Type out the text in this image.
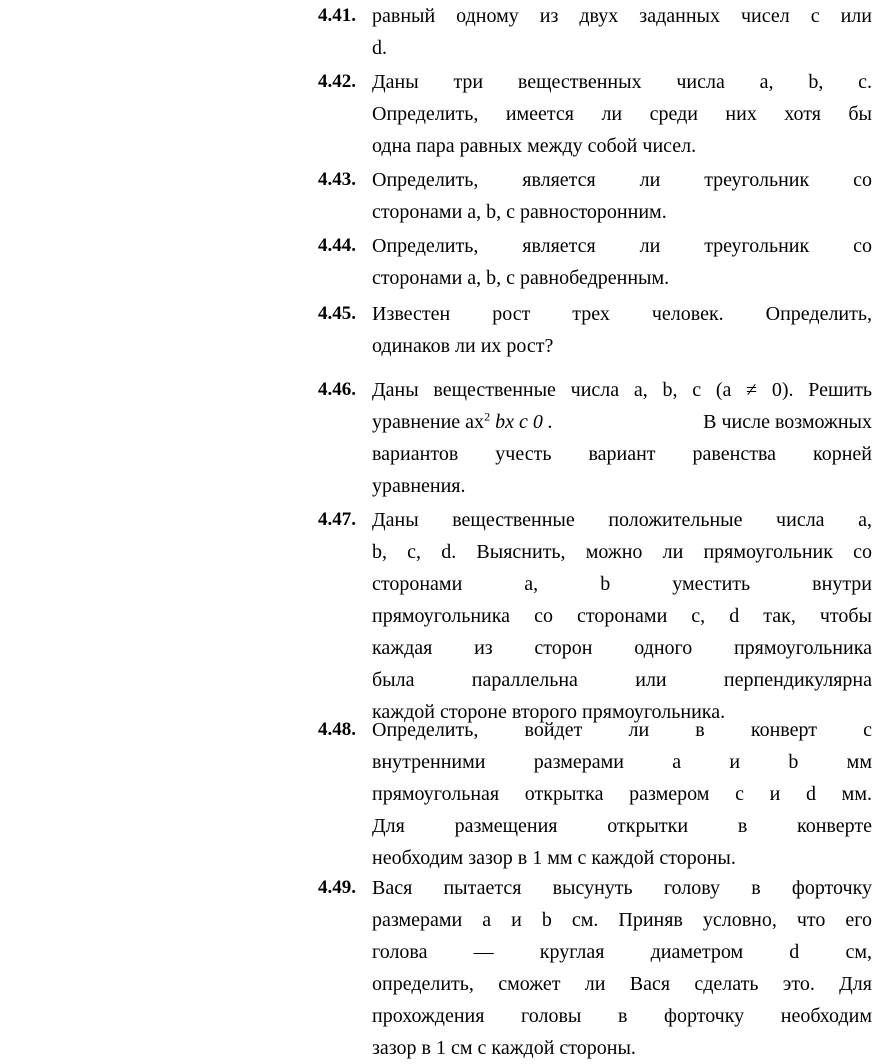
4.41. равный одному из двух заданных чисел c или
d.
4.42. Даны три вещественных числа a, b, c.
Определить, имеется ли среди них хотя бы
одна пара равных между собой чисел.
4.43. Определить, является ли треугольник со
сторонами a, b, c равносторонним.
4.44. Определить, является ли треугольник со
сторонами a, b, c равнобедренным.
4.45. Известен рост трех человек. Определить,
одинаков ли их рост?
4.46. Даны вещественные числа a, b, c (a ≠ 0). Решить
уравнение $ax^2$ bx c 0 .	В числе возможных
вариантов учесть вариант равенства корней
уравнения.
4.47. Даны вещественные положительные числа a,
b, c, d. Выяснить, можно ли прямоугольник со
сторонами a, b уместить внутри
прямоугольника со сторонами c, d так, чтобы
каждая из сторон одного прямоугольника
была параллельна или перпендикулярна
каждой стороне второго прямоугольника.
4.48. Определить, войдет ли в конверт с
внутренними размерами a и b мм
прямоугольная открытка размером c и d мм.
Для размещения открытки в конверте
необходим зазор в 1 мм с каждой стороны.
4.49. Вася пытается высунуть голову в форточку
размерами a и b см. Приняв условно, что его
голова — круглая диаметром d см,
определить, сможет ли Вася сделать это. Для
прохождения головы в форточку необходим
зазор в 1 см с каждой стороны.
